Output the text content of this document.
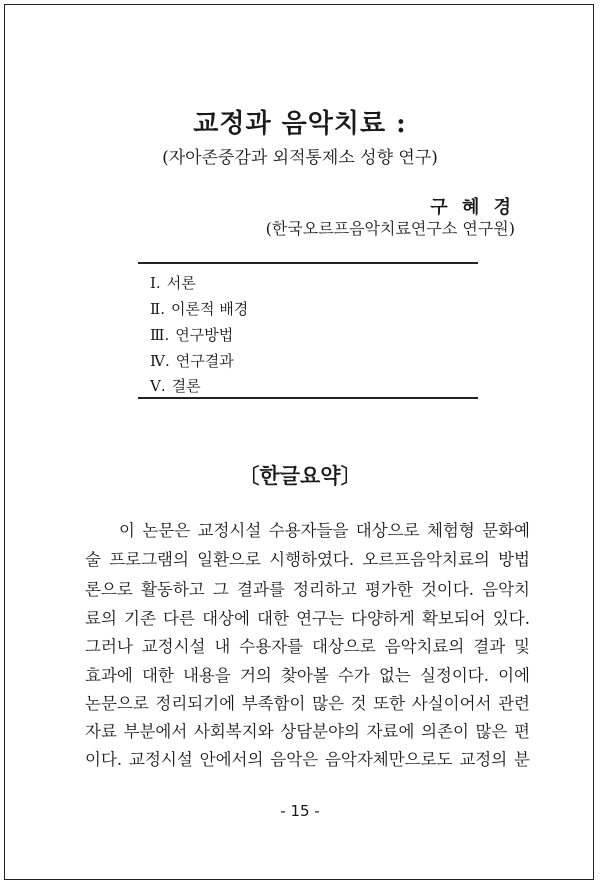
교정과 음악치료 :
(자아존중감과 외적통제소 성향 연구)
구 혜 경
(한국오르프음악치료연구소 연구원)
Ⅰ. 서론
Ⅱ. 이론적 배경
Ⅲ. 연구방법
Ⅳ. 연구결과
Ⅴ. 결론
〔한글요약〕
이 논문은 교정시설 수용자들을 대상으로 체험형 문화예
술 프로그램의 일환으로 시행하였다. 오르프음악치료의 방법
론으로 활동하고 그 결과를 정리하고 평가한 것이다. 음악치
료의 기존 다른 대상에 대한 연구는 다양하게 확보되어 있다.
그러나 교정시설 내 수용자를 대상으로 음악치료의 결과 및
효과에 대한 내용을 거의 찾아볼 수가 없는 실정이다. 이에
논문으로 정리되기에 부족함이 많은 것 또한 사실이어서 관련
자료 부분에서 사회복지와 상담분야의 자료에 의존이 많은 편
이다. 교정시설 안에서의 음악은 음악자체만으로도 교정의 분
- 15 -
